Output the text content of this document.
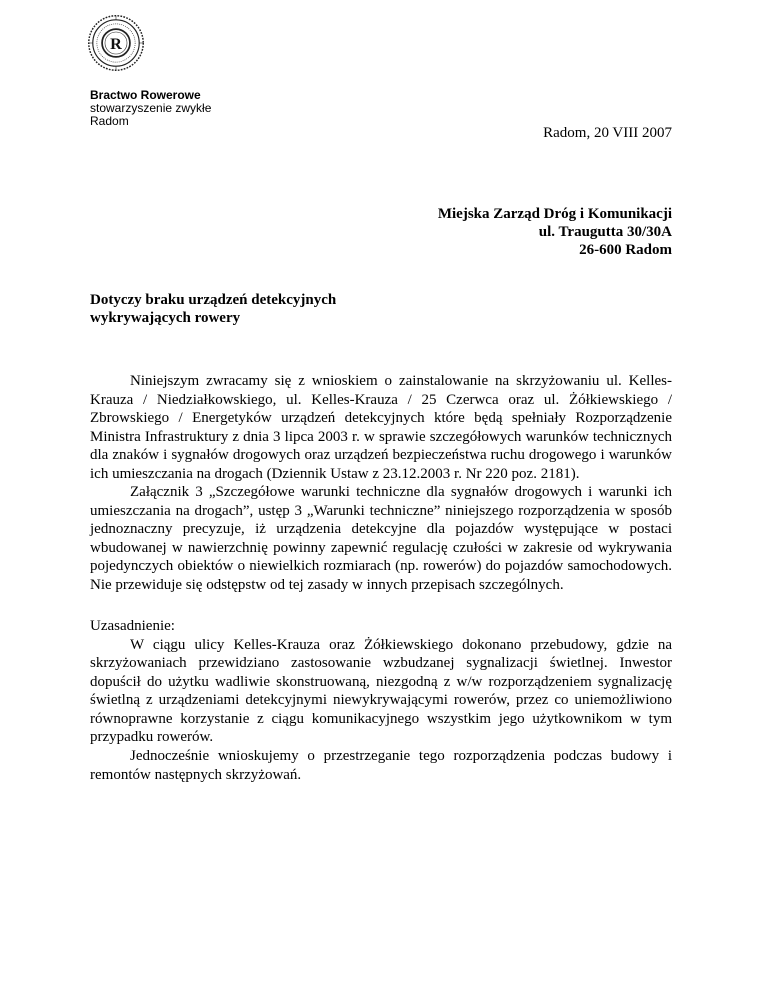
R
Bractwo Rowerowe
stowarzyszenie zwykłe
Radom
Radom, 20 VIII 2007
Miejska Zarząd Dróg i Komunikacji
ul. Traugutta 30/30A
26-600 Radom
Dotyczy braku urządzeń detekcyjnych
wykrywających rowery

Niniejszym zwracamy się z wnioskiem o zainstalowanie na skrzyżowaniu ul. Kelles-Krauza / Niedziałkowskiego, ul. Kelles-Krauza / 25 Czerwca oraz ul. Żółkiewskiego / Zbrowskiego / Energetyków urządzeń detekcyjnych które będą spełniały Rozporządzenie Ministra Infrastruktury z dnia 3 lipca 2003 r. w sprawie szczegółowych warunków technicznych dla znaków i sygnałów drogowych oraz urządzeń bezpieczeństwa ruchu drogowego i warunków ich umieszczania na drogach (Dziennik Ustaw z 23.12.2003 r. Nr 220 poz. 2181).

Załącznik 3 „Szczegółowe warunki techniczne dla sygnałów drogowych i warunki ich umieszczania na drogach”, ustęp 3 „Warunki techniczne” niniejszego rozporządzenia w sposób jednoznaczny precyzuje, iż urządzenia detekcyjne dla pojazdów występujące w postaci wbudowanej w nawierzchnię powinny zapewnić regulację czułości w zakresie od wykrywania pojedynczych obiektów o niewielkich rozmiarach (np. rowerów) do pojazdów samochodowych. Nie przewiduje się odstępstw od tej zasady w innych przepisach szczególnych.

Uzasadnienie:

W ciągu ulicy Kelles-Krauza oraz Żółkiewskiego dokonano przebudowy, gdzie na skrzyżowaniach przewidziano zastosowanie wzbudzanej sygnalizacji świetlnej. Inwestor dopuścił do użytku wadliwie skonstruowaną, niezgodną z w/w rozporządzeniem sygnalizację świetlną z urządzeniami detekcyjnymi niewykrywającymi rowerów, przez co uniemożliwiono równoprawne korzystanie z ciągu komunikacyjnego wszystkim jego użytkownikom w tym przypadku rowerów.

Jednocześnie wnioskujemy o przestrzeganie tego rozporządzenia podczas budowy i remontów następnych skrzyżowań.
